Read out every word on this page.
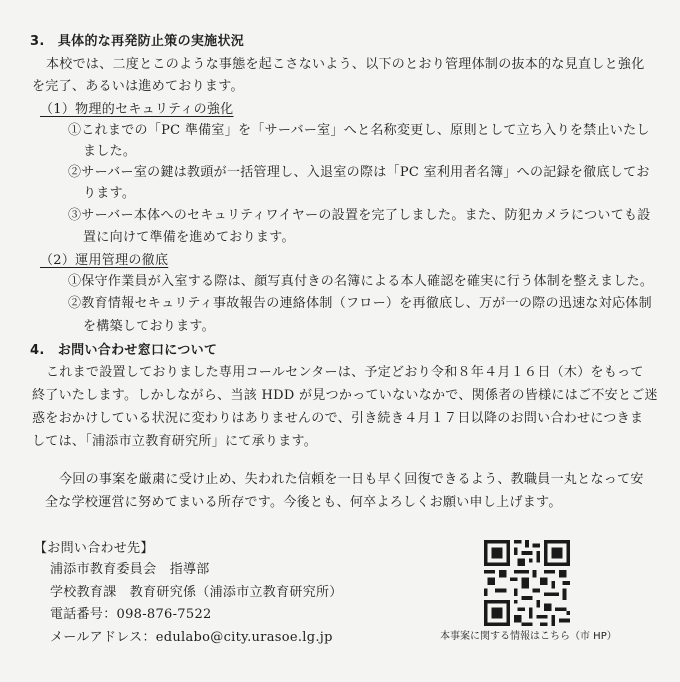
3.　具体的な再発防止策の実施状況
本校では、二度とこのような事態を起こさないよう、以下のとおり管理体制の抜本的な見直しと強化
を完了、あるいは進めております。
（1）物理的セキュリティの強化
①これまでの「PC 準備室」を「サーバー室」へと名称変更し、原則として立ち入りを禁止いたし
ました。
②サーバー室の鍵は教頭が一括管理し、入退室の際は「PC 室利用者名簿」への記録を徹底してお
ります。
③サーバー本体へのセキュリティワイヤーの設置を完了しました。また、防犯カメラについても設
置に向けて準備を進めております。
（2）運用管理の徹底
①保守作業員が入室する際は、顔写真付きの名簿による本人確認を確実に行う体制を整えました。
②教育情報セキュリティ事故報告の連絡体制（フロー）を再徹底し、万が一の際の迅速な対応体制
を構築しております。
4.　お問い合わせ窓口について
これまで設置しておりました専用コールセンターは、予定どおり令和８年４月１６日（木）をもって
終了いたします。しかしながら、当該 HDD が見つかっていないなかで、関係者の皆様にはご不安とご迷
惑をおかけしている状況に変わりはありませんので、引き続き４月１７日以降のお問い合わせにつきま
しては、「浦添市立教育研究所」にて承ります。
今回の事案を厳粛に受け止め、失われた信頼を一日も早く回復できるよう、教職員一丸となって安
全な学校運営に努めてまいる所存です。今後とも、何卒よろしくお願い申し上げます。
【お問い合わせ先】
浦添市教育委員会　指導部
学校教育課　教育研究係（浦添市立教育研究所）
電話番号：098-876-7522
メールアドレス：edulabo@city.urasoe.lg.jp	本事案に関する情報はこちら（市 HP）
